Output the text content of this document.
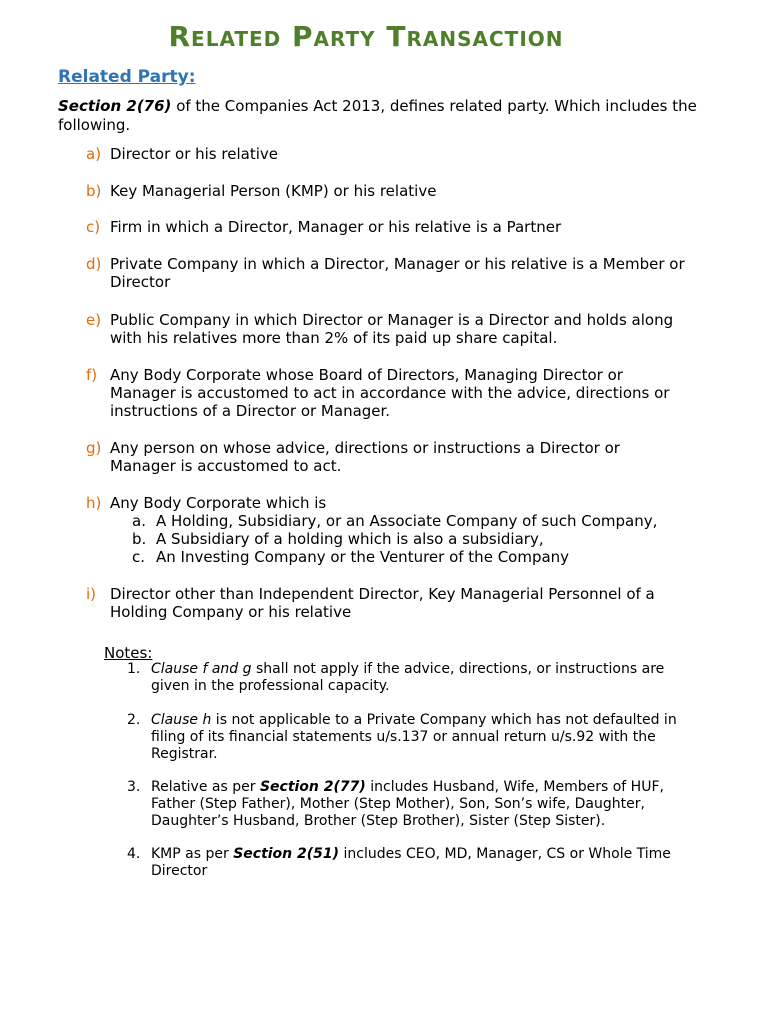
Related Party Transaction
Related Party:
Section 2(76) of the Companies Act 2013, defines related party. Which includes the following.
a) Director or his relative
b) Key Managerial Person (KMP) or his relative
c) Firm in which a Director, Manager or his relative is a Partner
d) Private Company in which a Director, Manager or his relative is a Member or Director
e) Public Company in which Director or Manager is a Director and holds along with his relatives more than 2% of its paid up share capital.
f) Any Body Corporate whose Board of Directors, Managing Director or Manager is accustomed to act in accordance with the advice, directions or instructions of a Director or Manager.
g) Any person on whose advice, directions or instructions a Director or Manager is accustomed to act.
h) Any Body Corporate which is
a. A Holding, Subsidiary, or an Associate Company of such Company,
b. A Subsidiary of a holding which is also a subsidiary,
c. An Investing Company or the Venturer of the Company
i) Director other than Independent Director, Key Managerial Personnel of a Holding Company or his relative
Notes:
1. Clause f and g shall not apply if the advice, directions, or instructions are given in the professional capacity.
2. Clause h is not applicable to a Private Company which has not defaulted in filing of its financial statements u/s.137 or annual return u/s.92 with the Registrar.
3. Relative as per Section 2(77) includes Husband, Wife, Members of HUF, Father (Step Father), Mother (Step Mother), Son, Son’s wife, Daughter, Daughter’s Husband, Brother (Step Brother), Sister (Step Sister).
4. KMP as per Section 2(51) includes CEO, MD, Manager, CS or Whole Time Director
